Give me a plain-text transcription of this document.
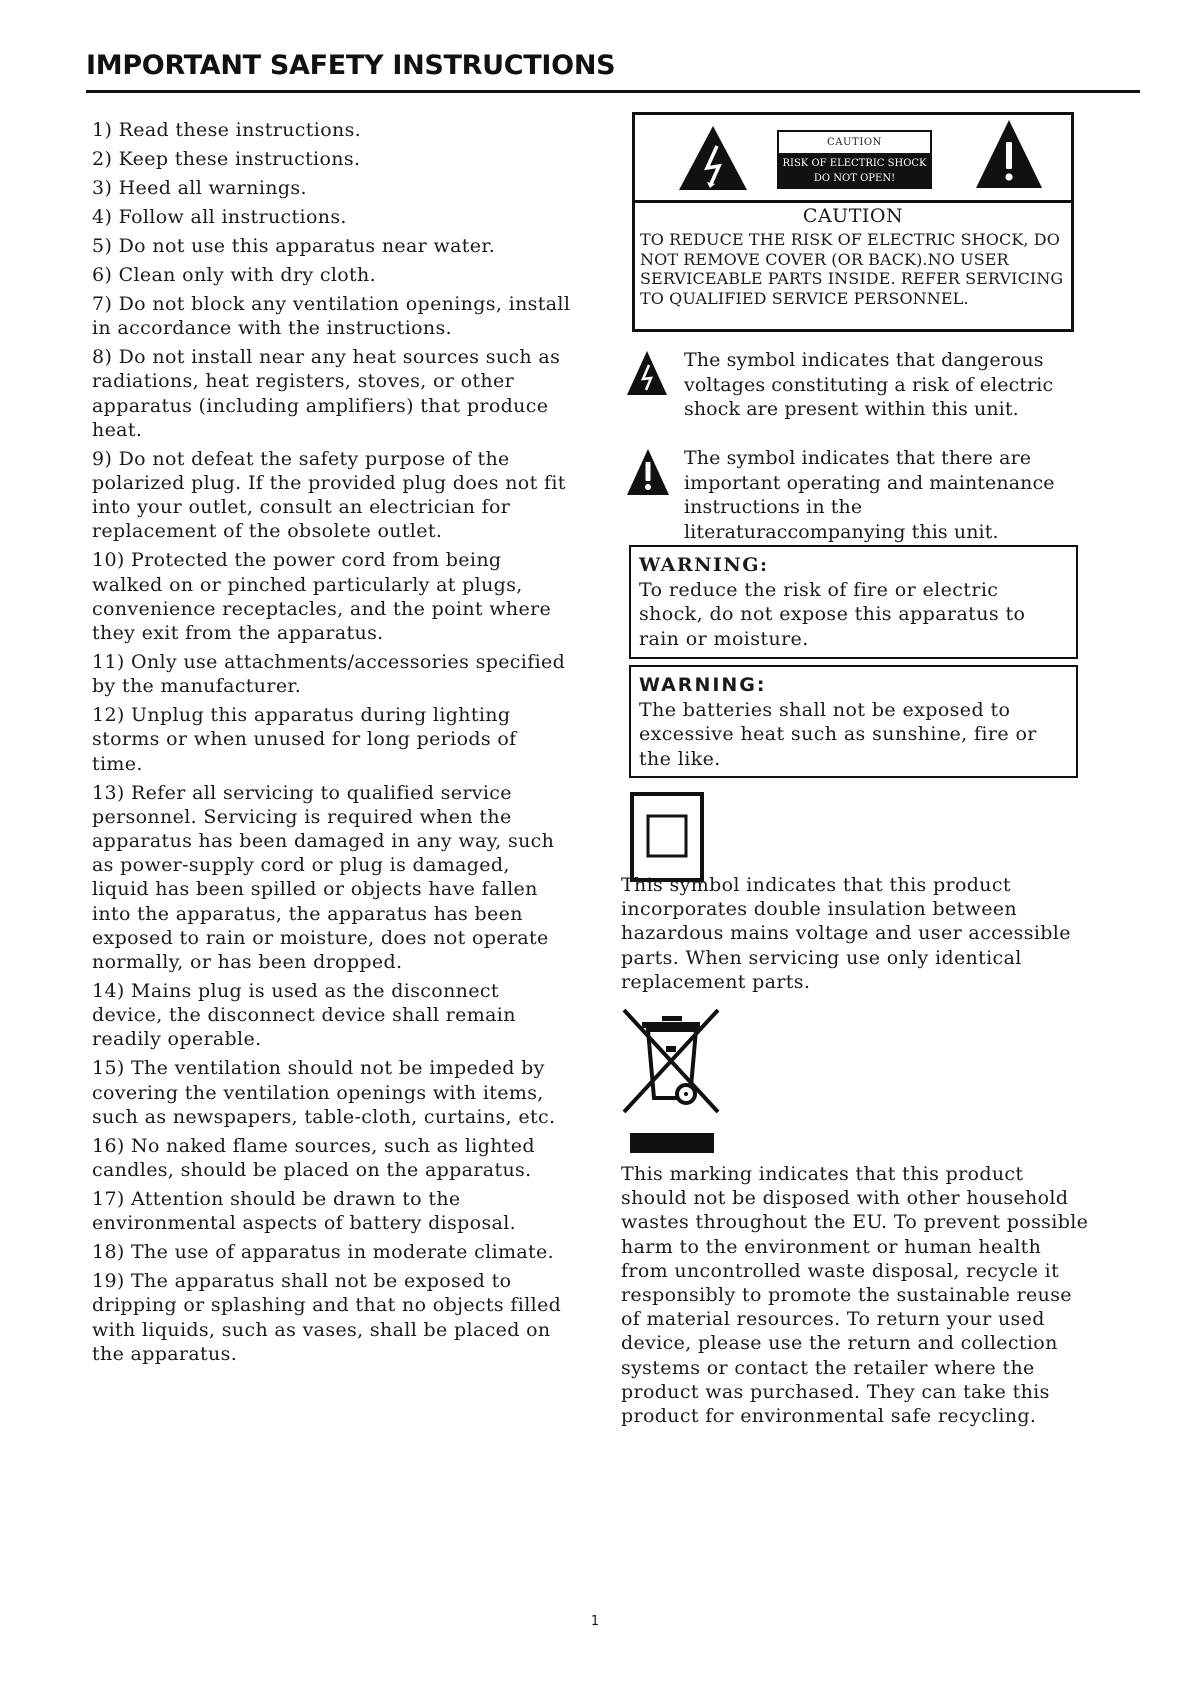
IMPORTANT SAFETY INSTRUCTIONS

1) Read these instructions.

2) Keep these instructions.

3) Heed all warnings.

4) Follow all instructions.

5) Do not use this apparatus near water.

6) Clean only with dry cloth.

7) Do not block any ventilation openings, install in accordance with the instructions.

8) Do not install near any heat sources such as radiations, heat registers, stoves, or other apparatus (including amplifiers) that produce heat.

9) Do not defeat the safety purpose of the polarized plug. If the provided plug does not fit into your outlet, consult an electrician for replacement of the obsolete outlet.

10) Protected the power cord from being walked on or pinched particularly at plugs, convenience receptacles, and the point where they exit from the apparatus.

11) Only use attachments/accessories specified by the manufacturer.

12) Unplug this apparatus during lighting storms or when unused for long periods of time.

13) Refer all servicing to qualified service personnel. Servicing is required when the apparatus has been damaged in any way, such as power-supply cord or plug is damaged, liquid has been spilled or objects have fallen into the apparatus, the apparatus has been exposed to rain or moisture, does not operate normally, or has been dropped.

14) Mains plug is used as the disconnect device, the disconnect device shall remain readily operable.

15) The ventilation should not be impeded by covering the ventilation openings with items, such as newspapers, table-cloth, curtains, etc.

16) No naked flame sources, such as lighted candles, should be placed on the apparatus.

17) Attention should be drawn to the environmental aspects of battery disposal.

18) The use of apparatus in moderate climate.

19) The apparatus shall not be exposed to dripping or splashing and that no objects filled with liquids, such as vases, shall be placed on the apparatus.

CAUTION
RISK OF ELECTRIC SHOCK
DO NOT OPEN!
CAUTION
TO REDUCE THE RISK OF ELECTRIC SHOCK, DO NOT REMOVE COVER (OR BACK).NO USER SERVICEABLE PARTS INSIDE. REFER SERVICING TO QUALIFIED SERVICE PERSONNEL.
The symbol indicates that dangerous voltages constituting a risk of electric shock are present within this unit.
The symbol indicates that there are important operating and maintenance instructions in the literaturaccompanying this unit.
WARNING:
To reduce the risk of fire or electric shock, do not expose this apparatus to rain or moisture.
WARNING:
The batteries shall not be exposed to excessive heat such as sunshine, fire or the like.
This symbol indicates that this product incorporates double insulation between hazardous mains voltage and user accessible parts. When servicing use only identical replacement parts.
This marking indicates that this product should not be disposed with other household wastes throughout the EU. To prevent possible harm to the environment or human health from uncontrolled waste disposal, recycle it responsibly to promote the sustainable reuse of material resources. To return your used device, please use the return and collection systems or contact the retailer where the product was purchased. They can take this product for environmental safe recycling.
1
